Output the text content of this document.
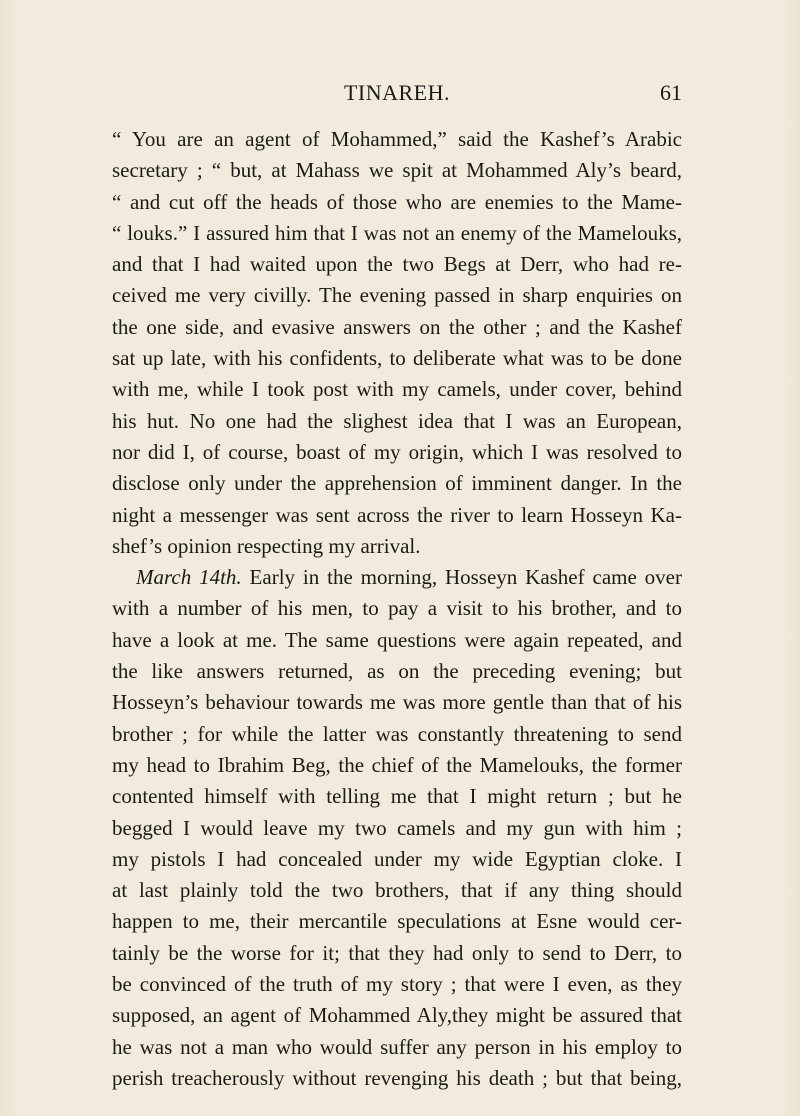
TINAREH.	61
“ You are an agent of Mohammed,” said the Kashef’s Arabic
secretary ; “ but, at Mahass we spit at Mohammed Aly’s beard,
“ and cut off the heads of those who are enemies to the Mame-
“ louks.” I assured him that I was not an enemy of the Mamelouks,
and that I had waited upon the two Begs at Derr, who had re-
ceived me very civilly. The evening passed in sharp enquiries on
the one side, and evasive answers on the other ; and the Kashef
sat up late, with his confidents, to deliberate what was to be done
with me, while I took post with my camels, under cover, behind
his hut. No one had the slighest idea that I was an European,
nor did I, of course, boast of my origin, which I was resolved to
disclose only under the apprehension of imminent danger. In the
night a messenger was sent across the river to learn Hosseyn Ka-
shef’s opinion respecting my arrival.
March 14th. Early in the morning, Hosseyn Kashef came over
with a number of his men, to pay a visit to his brother, and to
have a look at me. The same questions were again repeated, and
the like answers returned, as on the preceding evening; but
Hosseyn’s behaviour towards me was more gentle than that of his
brother ; for while the latter was constantly threatening to send
my head to Ibrahim Beg, the chief of the Mamelouks, the former
contented himself with telling me that I might return ; but he
begged I would leave my two camels and my gun with him ;
my pistols I had concealed under my wide Egyptian cloke. I
at last plainly told the two brothers, that if any thing should
happen to me, their mercantile speculations at Esne would cer-
tainly be the worse for it; that they had only to send to Derr, to
be convinced of the truth of my story ; that were I even, as they
supposed, an agent of Mohammed Aly,they might be assured that
he was not a man who would suffer any person in his employ to
perish treacherously without revenging his death ; but that being,
